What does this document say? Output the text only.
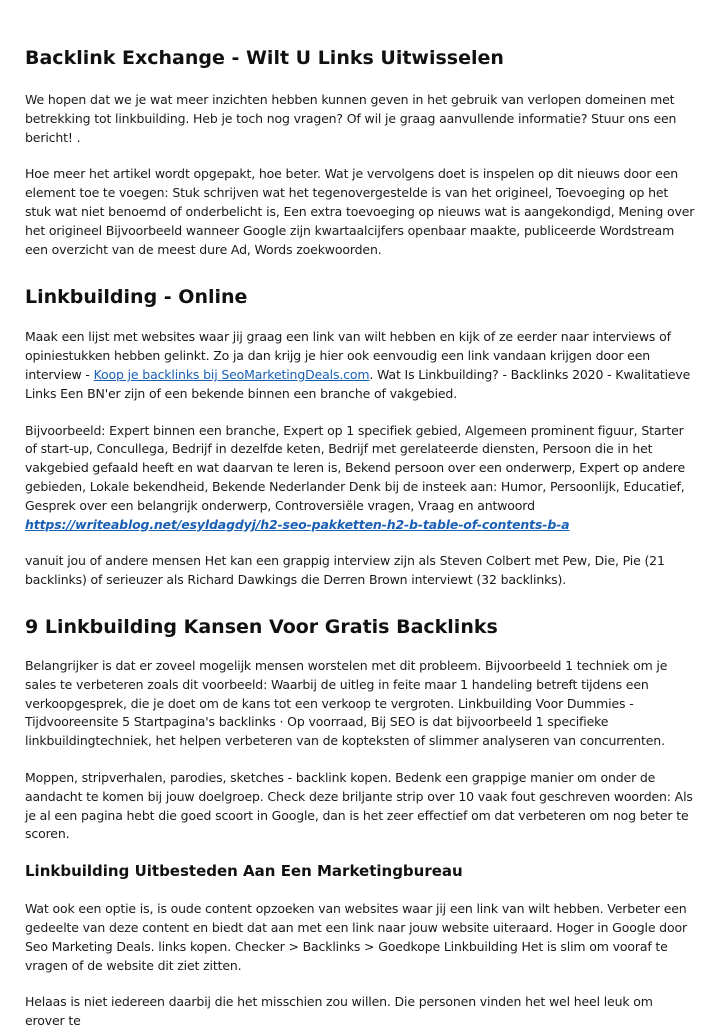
Backlink Exchange - Wilt U Links Uitwisselen

We hopen dat we je wat meer inzichten hebben kunnen geven in het gebruik van verlopen domeinen met betrekking tot linkbuilding. Heb je toch nog vragen? Of wil je graag aanvullende informatie? Stuur ons een bericht! .

Hoe meer het artikel wordt opgepakt, hoe beter. Wat je vervolgens doet is inspelen op dit nieuws door een element toe te voegen: Stuk schrijven wat het tegenovergestelde is van het origineel, Toevoeging op het stuk wat niet benoemd of onderbelicht is, Een extra toevoeging op nieuws wat is aangekondigd, Mening over het origineel Bijvoorbeeld wanneer Google zijn kwartaalcijfers openbaar maakte, publiceerde Wordstream een overzicht van de meest dure Ad, Words zoekwoorden.

Linkbuilding - Online

Maak een lijst met websites waar jij graag een link van wilt hebben en kijk of ze eerder naar interviews of opiniestukken hebben gelinkt. Zo ja dan krijg je hier ook eenvoudig een link vandaan krijgen door een interview - Koop je backlinks bij SeoMarketingDeals.com. Wat Is Linkbuilding? - Backlinks 2020 - Kwalitatieve Links Een BN'er zijn of een bekende binnen een branche of vakgebied.

Bijvoorbeeld: Expert binnen een branche, Expert op 1 specifiek gebied, Algemeen prominent figuur, Starter of start-up, Concullega, Bedrijf in dezelfde keten, Bedrijf met gerelateerde diensten, Persoon die in het vakgebied gefaald heeft en wat daarvan te leren is, Bekend persoon over een onderwerp, Expert op andere gebieden, Lokale bekendheid, Bekende Nederlander Denk bij de insteek aan: Humor, Persoonlijk, Educatief, Gesprek over een belangrijk onderwerp, Controversiële vragen, Vraag en antwoord https://writeablog.net/esyldagdyj/h2-seo-pakketten-h2-b-table-of-contents-b-a

vanuit jou of andere mensen Het kan een grappig interview zijn als Steven Colbert met Pew, Die, Pie (21 backlinks) of serieuzer als Richard Dawkings die Derren Brown interviewt (32 backlinks).

9 Linkbuilding Kansen Voor Gratis Backlinks

Belangrijker is dat er zoveel mogelijk mensen worstelen met dit probleem. Bijvoorbeeld 1 techniek om je sales te verbeteren zoals dit voorbeeld: Waarbij de uitleg in feite maar 1 handeling betreft tijdens een verkoopgesprek, die je doet om de kans tot een verkoop te vergroten. Linkbuilding Voor Dummies - Tijdvooreensite 5 Startpagina's backlinks · Op voorraad, Bij SEO is dat bijvoorbeeld 1 specifieke linkbuildingtechniek, het helpen verbeteren van de kopteksten of slimmer analyseren van concurrenten.

Moppen, stripverhalen, parodies, sketches - backlink kopen. Bedenk een grappige manier om onder de aandacht te komen bij jouw doelgroep. Check deze briljante strip over 10 vaak fout geschreven woorden: Als je al een pagina hebt die goed scoort in Google, dan is het zeer effectief om dat verbeteren om nog beter te scoren.

Linkbuilding Uitbesteden Aan Een Marketingbureau

Wat ook een optie is, is oude content opzoeken van websites waar jij een link van wilt hebben. Verbeter een gedeelte van deze content en biedt dat aan met een link naar jouw website uiteraard. Hoger in Google door Seo Marketing Deals. links kopen. Checker > Backlinks > Goedkope Linkbuilding Het is slim om vooraf te vragen of de website dit ziet zitten.

Helaas is niet iedereen daarbij die het misschien zou willen. Die personen vinden het wel heel leuk om erover te
